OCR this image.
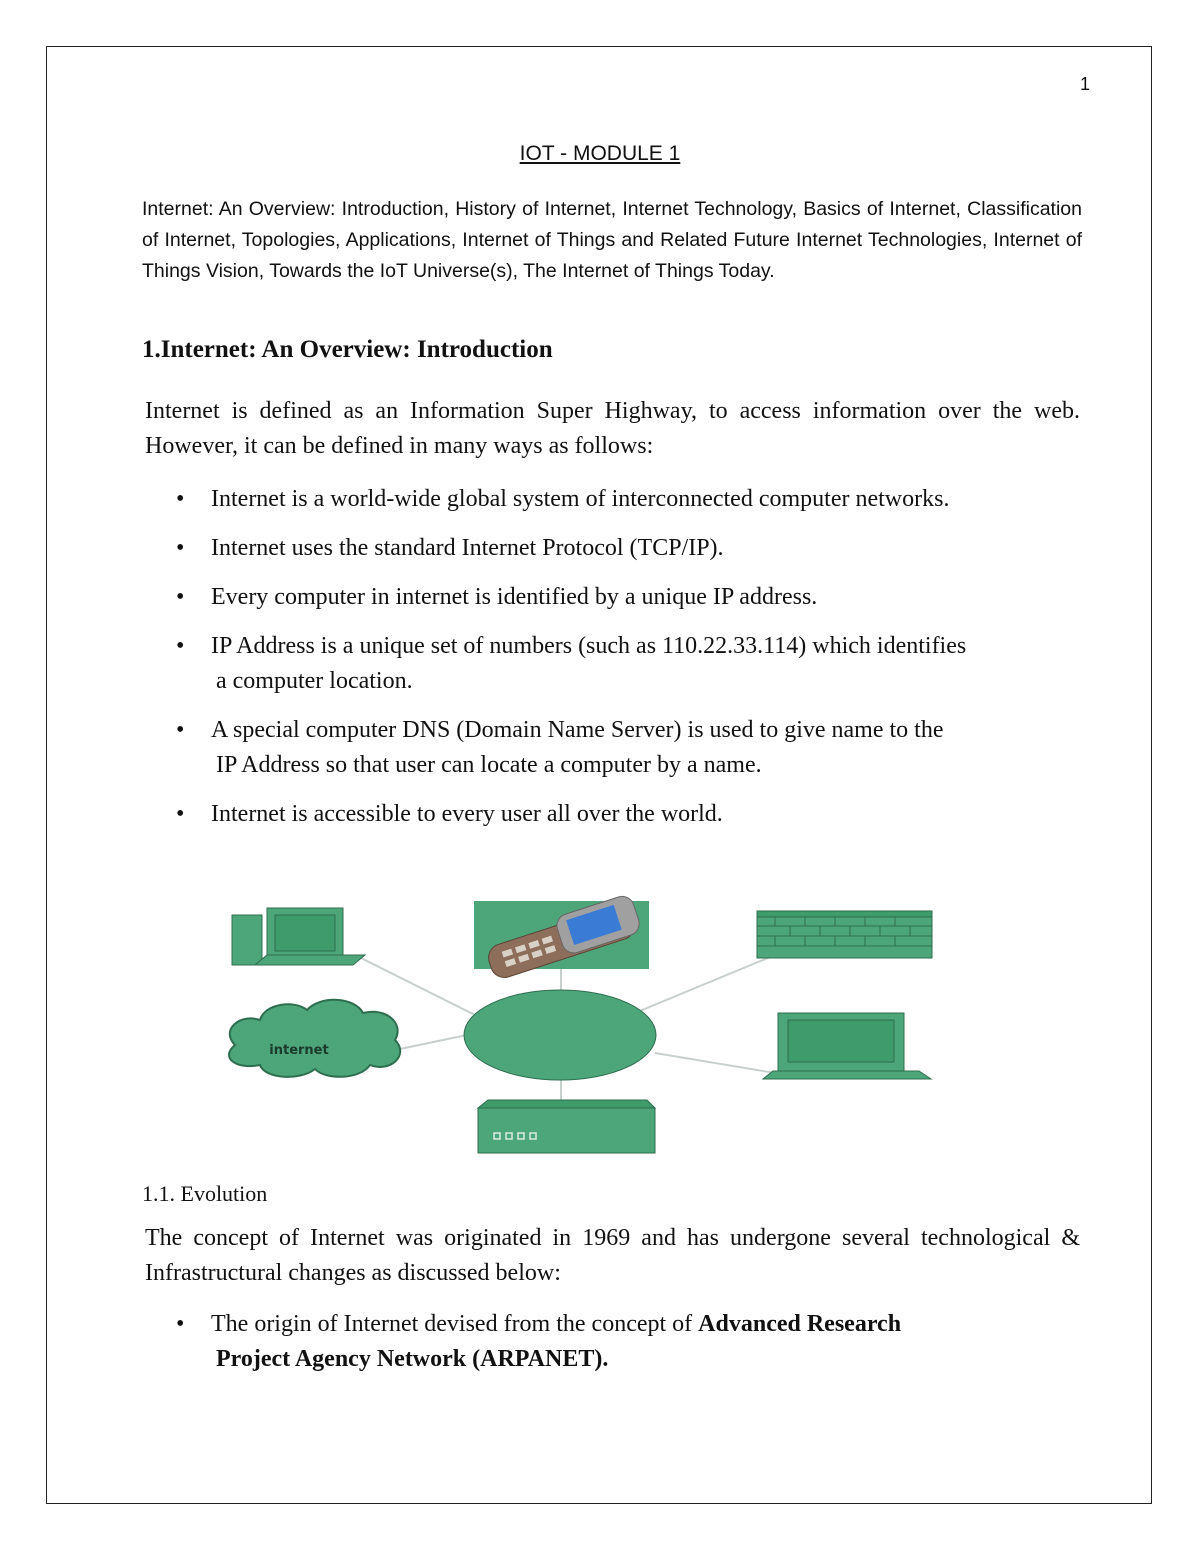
1
IOT - MODULE 1
Internet: An Overview: Introduction, History of Internet, Internet Technology, Basics of Internet, Classification of Internet, Topologies, Applications, Internet of Things and Related Future Internet Technologies, Internet of Things Vision, Towards the IoT Universe(s), The Internet of Things Today.
1.Internet: An Overview: Introduction
Internet is defined as an Information Super Highway, to access information over the web. However, it can be defined in many ways as follows:
• Internet is a world-wide global system of interconnected computer networks.
• Internet uses the standard Internet Protocol (TCP/IP).
• Every computer in internet is identified by a unique IP address.
• IP Address is a unique set of numbers (such as 110.22.33.114) which identifies
a computer location.
• A special computer DNS (Domain Name Server) is used to give name to the
IP Address so that user can locate a computer by a name.
• Internet is accessible to every user all over the world.
internet
1.1. Evolution
The concept of Internet was originated in 1969 and has undergone several technological & Infrastructural changes as discussed below:
• The origin of Internet devised from the concept of Advanced Research
Project Agency Network (ARPANET).
